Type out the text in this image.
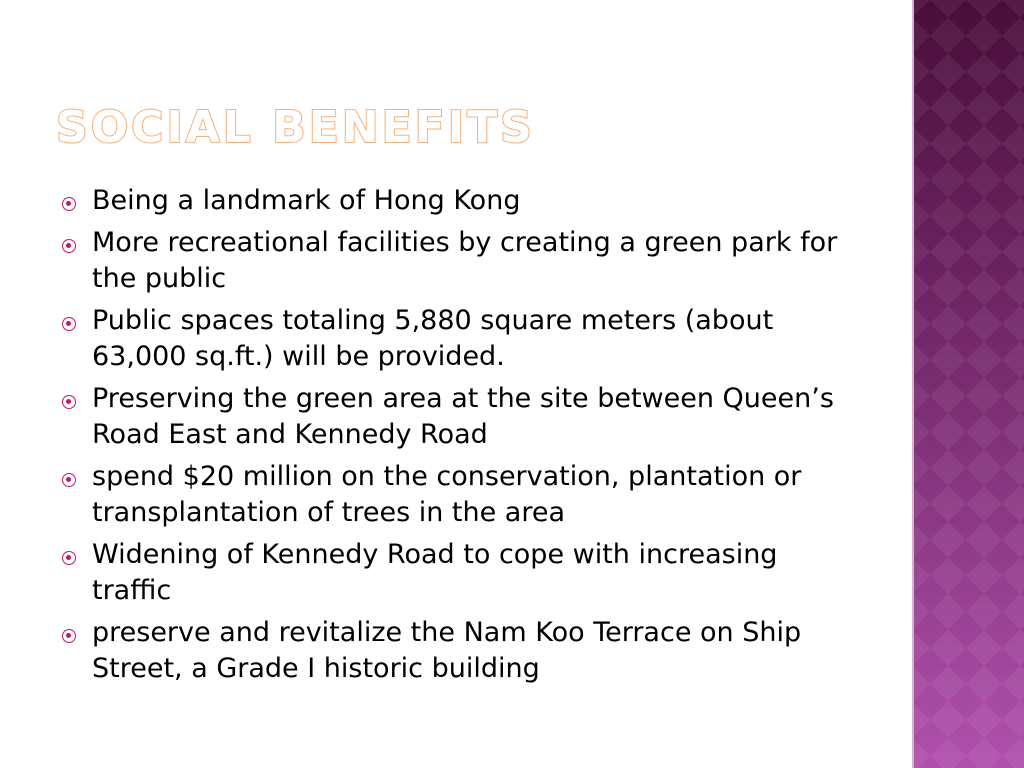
SOCIAL BENEFITS
Being a landmark of Hong Kong
More recreational facilities by creating a green park for the public
Public spaces totaling 5,880 square meters (about 63,000 sq.ft.) will be provided.
Preserving the green area at the site between Queen’s Road East and Kennedy Road
spend $20 million on the conservation, plantation or transplantation of trees in the area
Widening of Kennedy Road to cope with increasing traffic
preserve and revitalize the Nam Koo Terrace on Ship Street, a Grade I historic building
